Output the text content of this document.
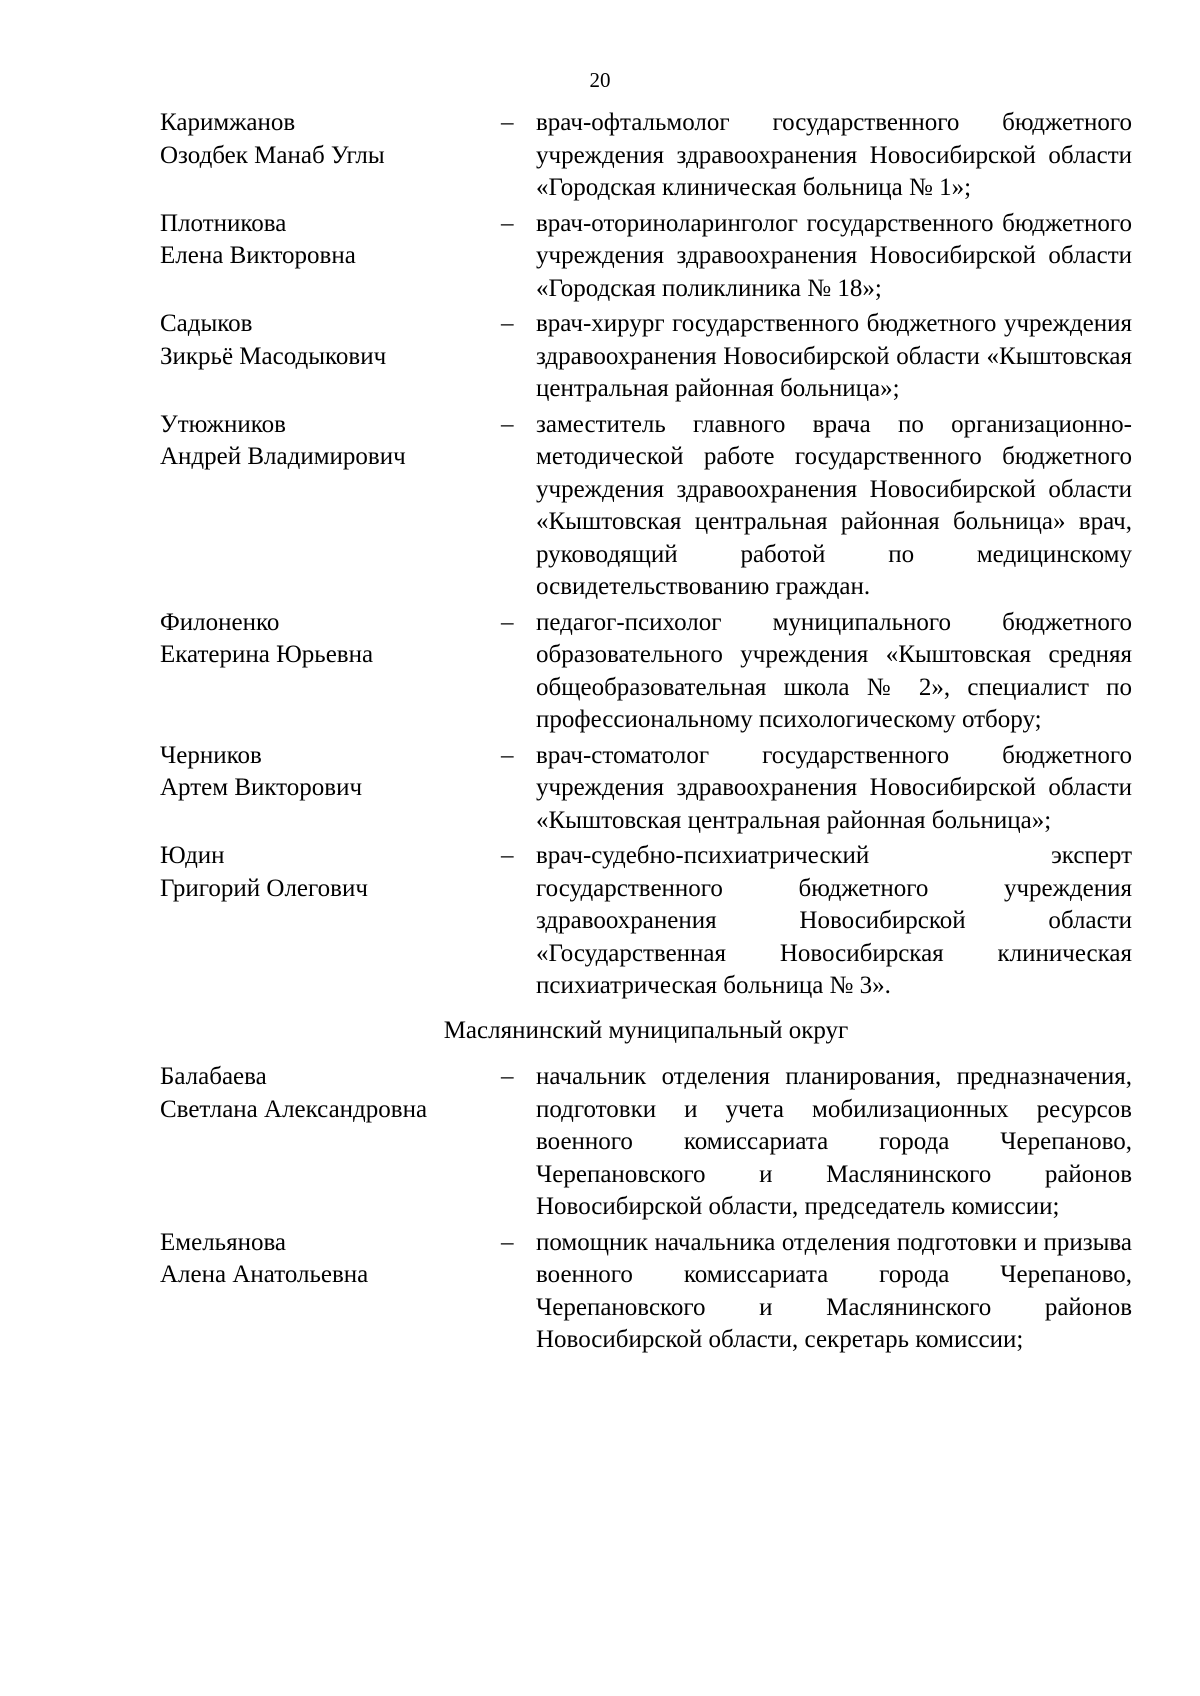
20
Каримжанов
Озодбек Манаб Углы
– врач-офтальмолог государственного бюджетного учреждения здравоохранения Новосибирской области «Городская клиническая больница № 1»;
Плотникова
Елена Викторовна
– врач-оториноларинголог государственного бюджетного учреждения здравоохранения Новосибирской области «Городская поликлиника № 18»;
Садыков
Зикрьё Масодыкович
– врач-хирург государственного бюджетного учреждения здравоохранения Новосибирской области «Кыштовская центральная районная больница»;
Утюжников
Андрей Владимирович
– заместитель главного врача по организационно-методической работе государственного бюджетного учреждения здравоохранения Новосибирской области «Кыштовская центральная районная больница» врач, руководящий работой по медицинскому освидетельствованию граждан.
Филоненко
Екатерина Юрьевна
– педагог-психолог муниципального бюджетного образовательного учреждения «Кыштовская средняя общеобразовательная школа № 2», специалист по профессиональному психологическому отбору;
Черников
Артем Викторович
– врач-стоматолог государственного бюджетного учреждения здравоохранения Новосибирской области «Кыштовская центральная районная больница»;
Юдин
Григорий Олегович
– врач-судебно-психиатрический эксперт государственного бюджетного учреждения здравоохранения Новосибирской области «Государственная Новосибирская клиническая психиатрическая больница № 3».
Маслянинский муниципальный округ
Балабаева
Светлана Александровна
– начальник отделения планирования, предназначения, подготовки и учета мобилизационных ресурсов военного комиссариата города Черепаново, Черепановского и Маслянинского районов Новосибирской области, председатель комиссии;
Емельянова
Алена Анатольевна
– помощник начальника отделения подготовки и призыва военного комиссариата города Черепаново, Черепановского и Маслянинского районов Новосибирской области, секретарь комиссии;
